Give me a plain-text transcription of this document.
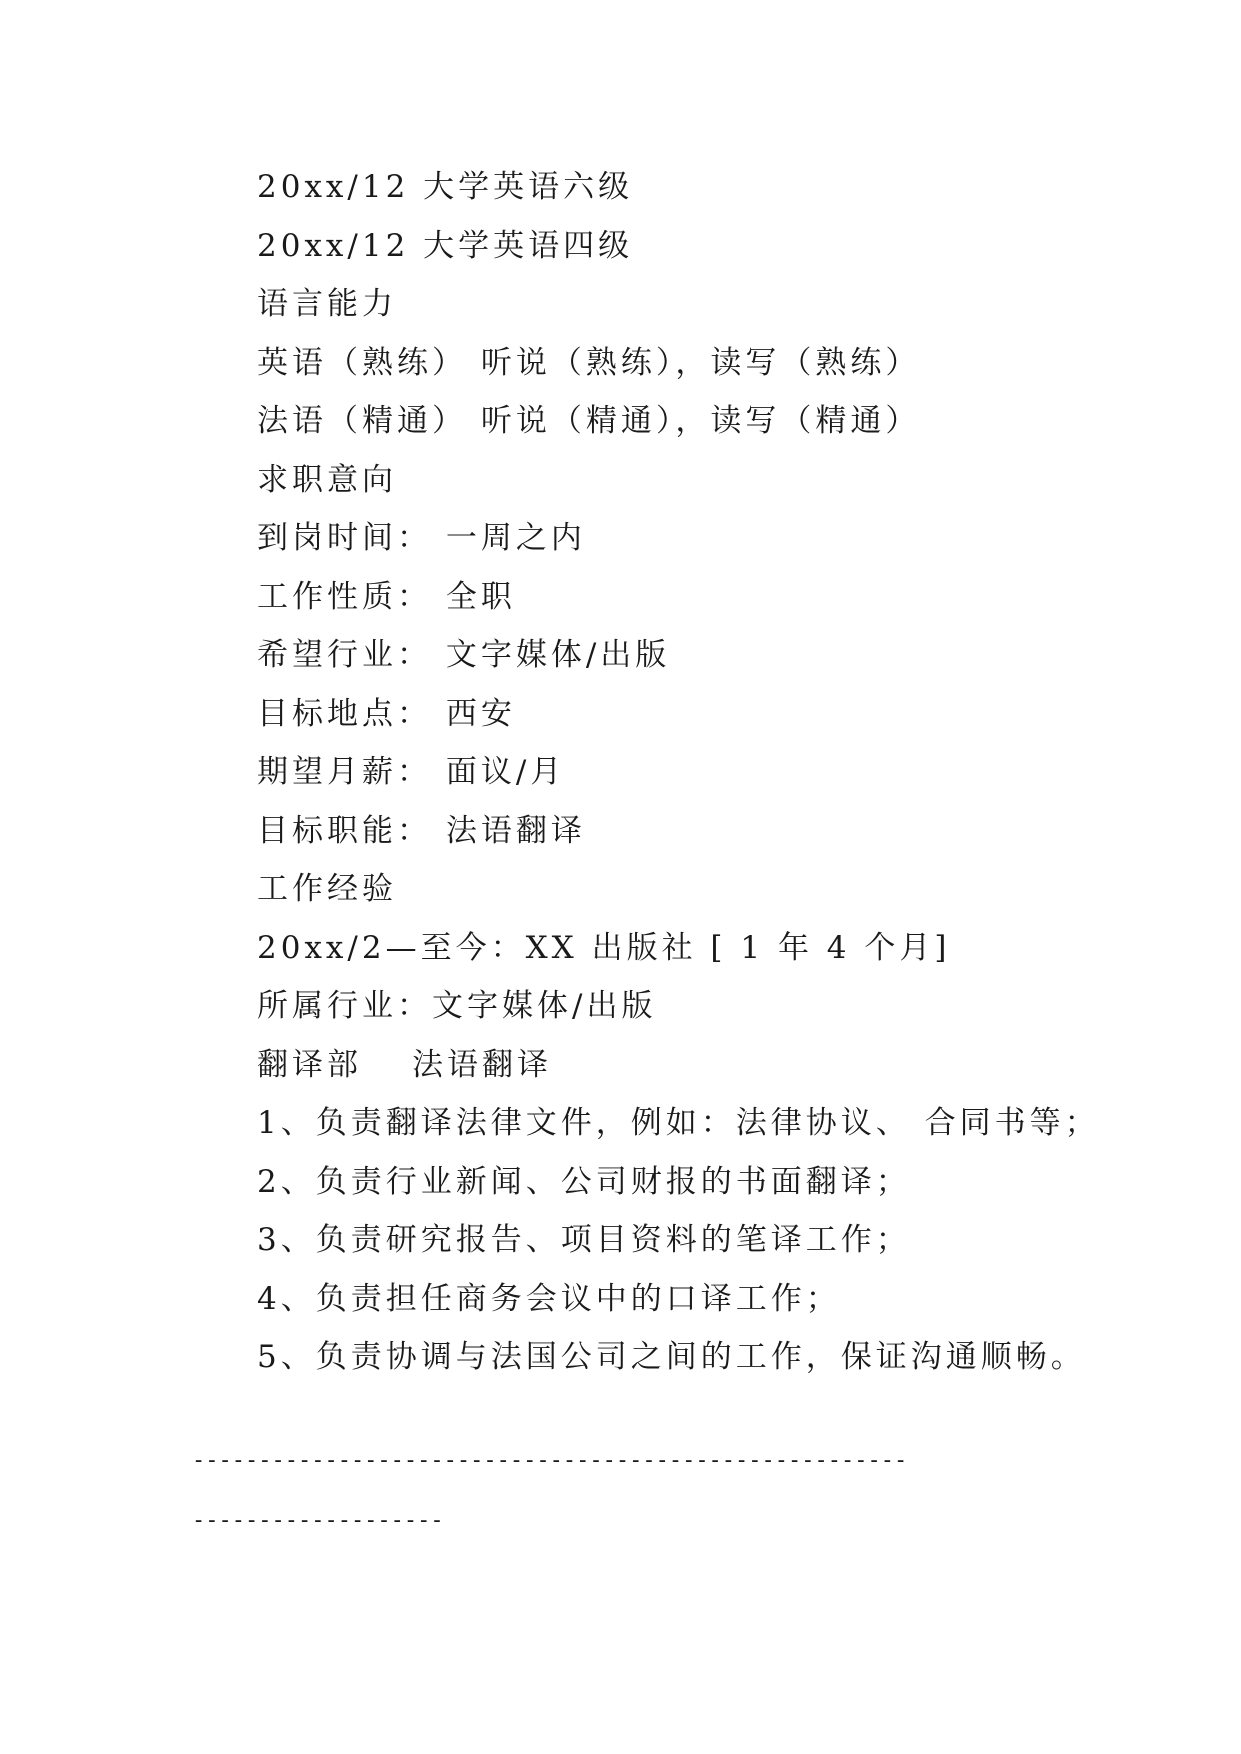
20xx/12 大学英语六级
20xx/12 大学英语四级
语言能力
英语（熟练） 听说（熟练），读写（熟练）
法语（精通） 听说（精通），读写（精通）
求职意向
到岗时间： 一周之内
工作性质： 全职
希望行业： 文字媒体/出版
目标地点： 西安
期望月薪： 面议/月
目标职能： 法语翻译
工作经验
20xx/2—至今：XX 出版社 [ 1 年 4 个月]
所属行业：文字媒体/出版
翻译部 法语翻译
1、负责翻译法律文件，例如：法律协议、 合同书等；
2、负责行业新闻、公司财报的书面翻译；
3、负责研究报告、项目资料的笔译工作；
4、负责担任商务会议中的口译工作；
5、负责协调与法国公司之间的工作，保证沟通顺畅。
------------------------------------------------------
-------------------
